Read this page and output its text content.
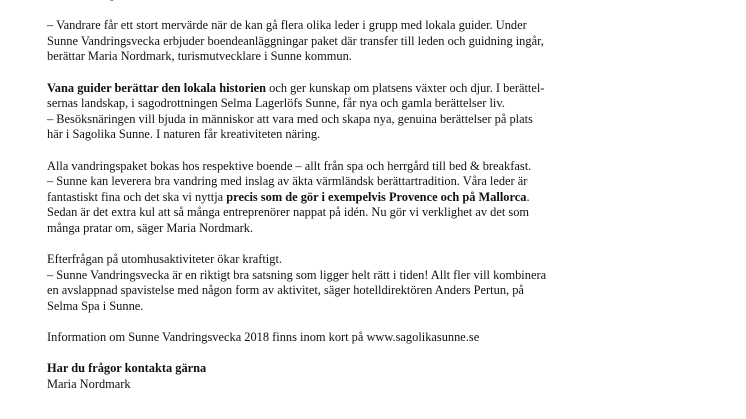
– Vandrare får ett stort mervärde när de kan gå flera olika leder i grupp med lokala guider. Under
Sunne Vandringsvecka erbjuder boendeanläggningar paket där transfer till leden och guidning ingår,
berättar Maria Nordmark, turismutvecklare i Sunne kommun.
Vana guider berättar den lokala historien och ger kunskap om platsens växter och djur. I berättel-
sernas landskap, i sagodrottningen Selma Lagerlöfs Sunne, får nya och gamla berättelser liv.
– Besöksnäringen vill bjuda in människor att vara med och skapa nya, genuina berättelser på plats
här i Sagolika Sunne. I naturen får kreativiteten näring.
Alla vandringspaket bokas hos respektive boende – allt från spa och herrgård till bed & breakfast.
– Sunne kan leverera bra vandring med inslag av äkta värmländsk berättartradition. Våra leder är
fantastiskt fina och det ska vi nyttja precis som de gör i exempelvis Provence och på Mallorca.
Sedan är det extra kul att så många entreprenörer nappat på idén. Nu gör vi verklighet av det som
många pratar om, säger Maria Nordmark.
Efterfrågan på utomhusaktiviteter ökar kraftigt.
– Sunne Vandringsvecka är en riktigt bra satsning som ligger helt rätt i tiden! Allt fler vill kombinera
en avslappnad spavistelse med någon form av aktivitet, säger hotelldirektören Anders Pertun, på
Selma Spa i Sunne.
Information om Sunne Vandringsvecka 2018 finns inom kort på www.sagolikasunne.se
Har du frågor kontakta gärna
Maria Nordmark
